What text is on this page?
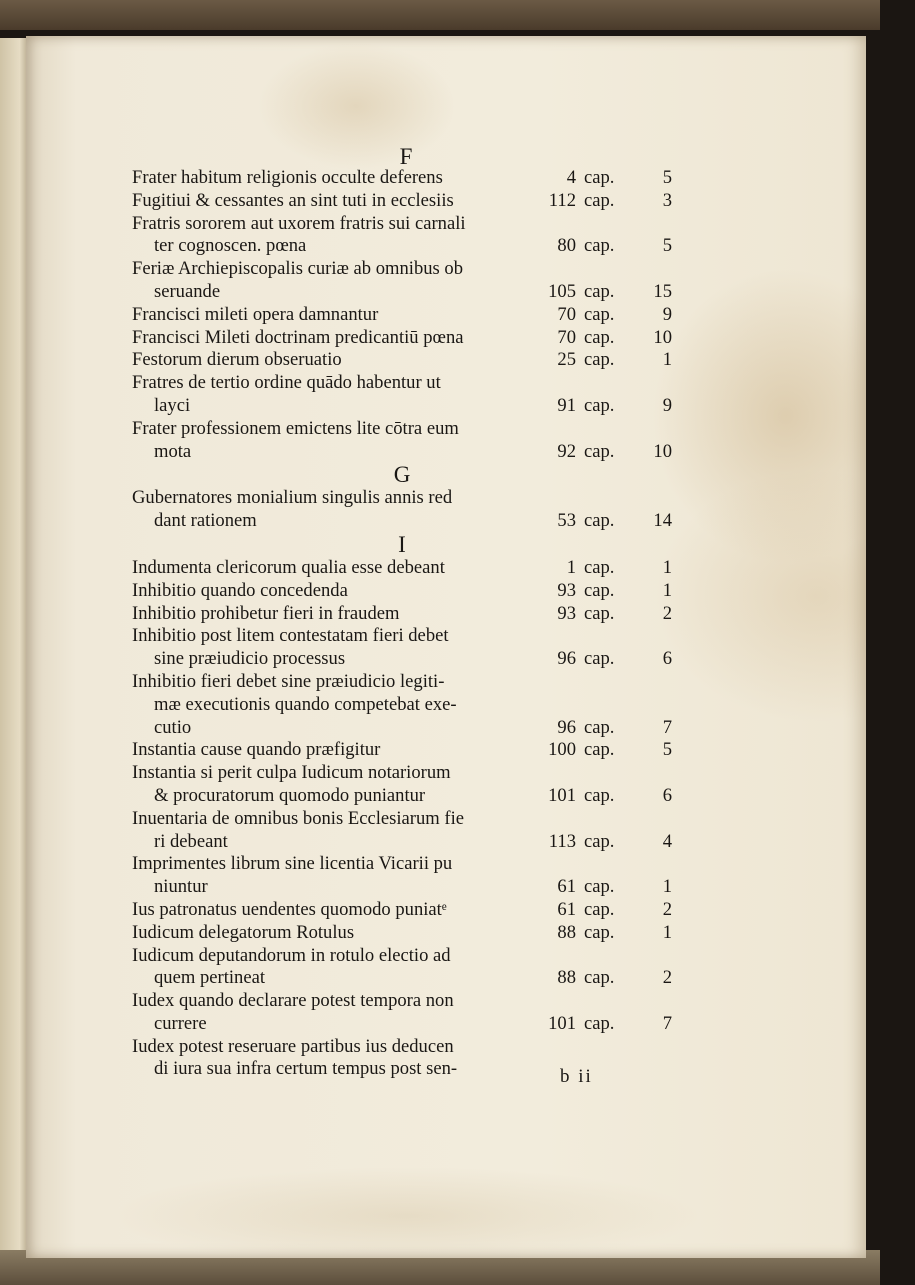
F
Frater habitum religionis occulte deferens	4 cap.	5
Fugitiui & cessantes an sint tuti in ecclesiis	112 cap.	3
Fratris sororem aut uxorem fratris sui carnali
ter cognoscen. pœna	80 cap.	5
Feriæ Archiepiscopalis curiæ ab omnibus ob
seruande	105 cap. 15
Francisci mileti opera damnantur	70 cap.	9
Francisci Mileti doctrinam predicantiū pœna	70 cap. 10
Festorum dierum obseruatio	25 cap.	1
Fratres de tertio ordine quādo habentur ut
layci	91 cap.	9
Frater professionem emictens lite cōtra eum
mota	92 cap. 10
G
Gubernatores monialium singulis annis red
dant rationem	53 cap. 14
I
Indumenta clericorum qualia esse debeant	1 cap.	1
Inhibitio quando concedenda	93 cap.	1
Inhibitio prohibetur fieri in fraudem	93 cap.	2
Inhibitio post litem contestatam fieri debet
sine præiudicio processus	96 cap.	6
Inhibitio fieri debet sine præiudicio legiti-
mæ executionis quando competebat exe-
cutio	96 cap.	7
Instantia cause quando præfigitur	100 cap.	5
Instantia si perit culpa Iudicum notariorum
& procuratorum quomodo puniantur	101 cap.	6
Inuentaria de omnibus bonis Ecclesiarum fie
ri debeant	113 cap.	4
Imprimentes librum sine licentia Vicarii pu
niuntur	61 cap.	1
Ius patronatus uendentes quomodo puniatᵉ	61 cap.	2
Iudicum delegatorum Rotulus	88 cap.	1
Iudicum deputandorum in rotulo electio ad
quem pertineat	88 cap.	2
Iudex quando declarare potest tempora non
currere	101 cap.	7
Iudex potest reseruare partibus ius deducen
di iura sua infra certum tempus post sen-	b ii
